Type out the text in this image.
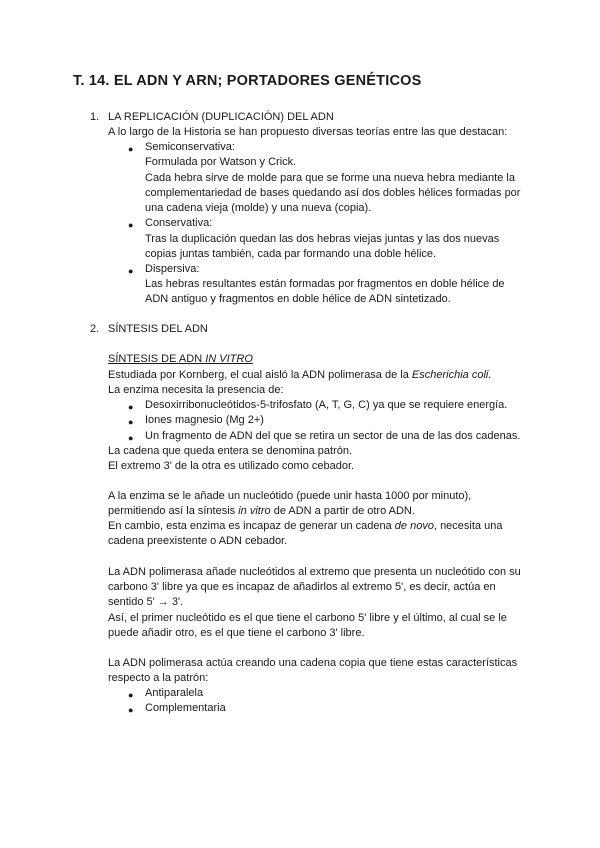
T. 14. EL ADN Y ARN; PORTADORES GENÉTICOS
1. LA REPLICACIÓN (DUPLICACIÓN) DEL ADN
A lo largo de la Historia se han propuesto diversas teorías entre las que destacan:
● Semiconservativa:
Formulada por Watson y Crick.
Cada hebra sirve de molde para que se forme una nueva hebra mediante la
complementariedad de bases quedando así dos dobles hélices formadas por
una cadena vieja (molde) y una nueva (copia).
● Conservativa:
Tras la duplicación quedan las dos hebras viejas juntas y las dos nuevas
copias juntas también, cada par formando una doble hélice.
● Dispersiva:
Las hebras resultantes están formadas por fragmentos en doble hélice de
ADN antiguo y fragmentos en doble hélice de ADN sintetizado.
2. SÍNTESIS DEL ADN
SÍNTESIS DE ADN IN VITRO
Estudiada por Kornberg, el cual aisló la ADN polimerasa de la Escherichia coli.
La enzima necesita la presencia de:
● Desoxirribonucleótidos-5-trifosfato (A, T, G, C) ya que se requiere energía.
● Iones magnesio (Mg 2+)
● Un fragmento de ADN del que se retira un sector de una de las dos cadenas.
La cadena que queda entera se denomina patrón.
El extremo 3' de la otra es utilizado como cebador.
A la enzima se le añade un nucleótido (puede unir hasta 1000 por minuto),
permitiendo así la síntesis in vitro de ADN a partir de otro ADN.
En cambio, esta enzima es incapaz de generar un cadena de novo, necesita una
cadena preexistente o ADN cebador.
La ADN polimerasa añade nucleótidos al extremo que presenta un nucleótido con su
carbono 3' libre ya que es incapaz de añadirlos al extremo 5', es decir, actúa en
sentido 5' → 3'.
Así, el primer nucleótido es el que tiene el carbono 5' libre y el último, al cual se le
puede añadir otro, es el que tiene el carbono 3' libre.
La ADN polimerasa actúa creando una cadena copia que tiene estas características
respecto a la patrón:
● Antiparalela
● Complementaria
